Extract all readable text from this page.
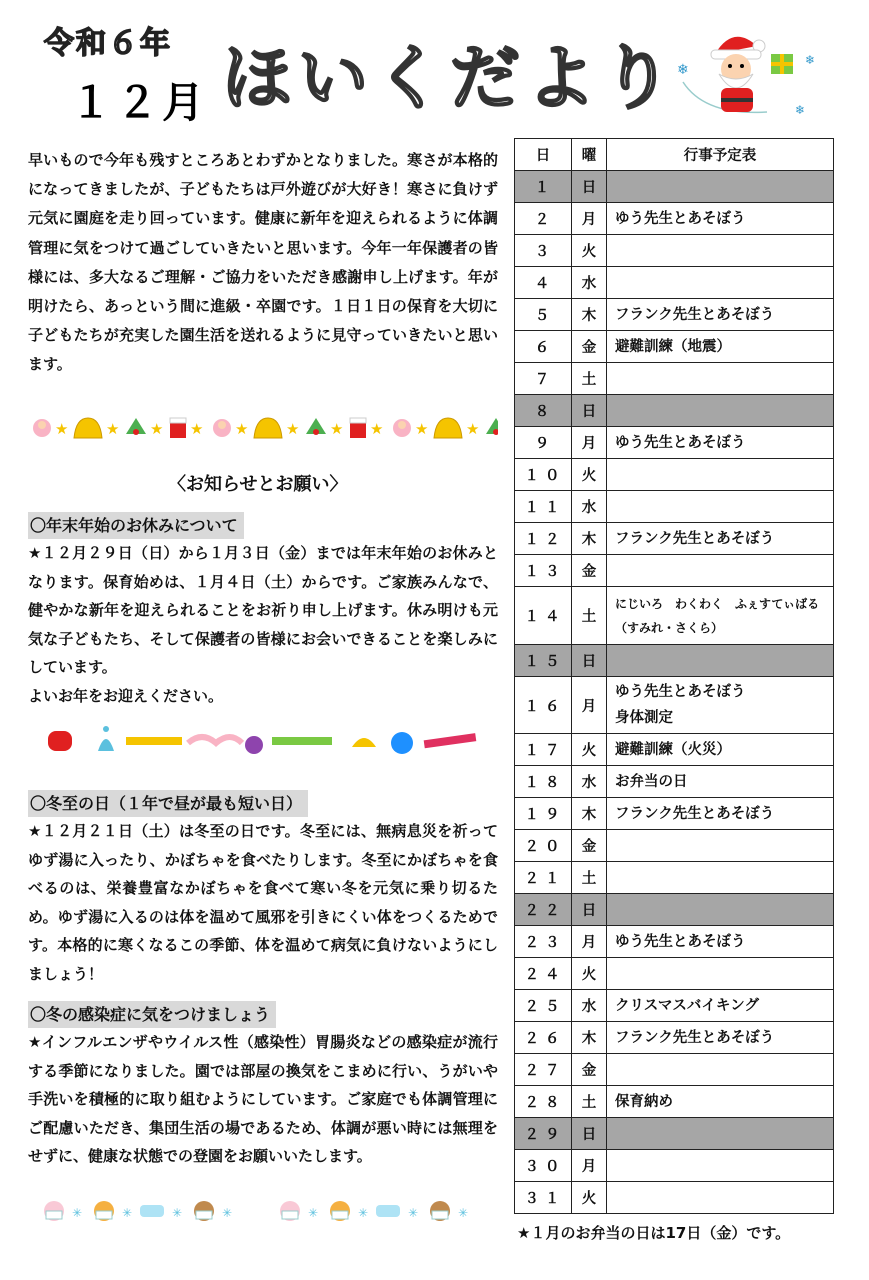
令和６年
１２月 ほいくだより ❄
❄
❄

早いもので今年も残すところあとわずかとなりました。寒さが本格的になってきましたが、子どもたちは戸外遊びが大好き！寒さに負けず元気に園庭を走り回っています。健康に新年を迎えられるように体調管理に気をつけて過ごしていきたいと思います。今年一年保護者の皆様には、多大なるご理解・ご協力をいただき感謝申し上げます。年が明けたら、あっという間に進級・卒園です。１日１日の保育を大切に子どもたちが充実した園生活を送れるように見守っていきたいと思います。

★	★ ★ ★
〈お知らせとお願い〉
〇年末年始のお休みについて

★１２月２９日（日）から１月３日（金）までは年末年始のお休みとなります。保育始めは、１月４日（土）からです。ご家族みんなで、健やかな新年を迎えられることをお祈り申し上げます。休み明けも元気な子どもたち、そして保護者の皆様にお会いできることを楽しみにしています。
よいお年をお迎えください。

〇冬至の日（１年で昼が最も短い日）

★１２月２１日（土）は冬至の日です。冬至には、無病息災を祈ってゆず湯に入ったり、かぼちゃを食べたりします。冬至にかぼちゃを食べるのは、栄養豊富なかぼちゃを食べて寒い冬を元気に乗り切るため。ゆず湯に入るのは体を温めて風邪を引きにくい体をつくるためです。本格的に寒くなるこの季節、体を温めて病気に負けないようにしましょう！

〇冬の感染症に気をつけましょう

★インフルエンザやウイルス性（感染性）胃腸炎などの感染症が流行する季節になりました。園では部屋の換気をこまめに行い、うがいや手洗いを積極的に取り組むようにしています。ご家庭でも体調管理にご配慮いただき、集団生活の場であるため、体調が悪い時には無理をせずに、健康な状態での登園をお願いいたします。

✳	✳	✳	✳
日	曜	行事予定表
１	日	
２	月	ゆう先生とあそぼう
３	火	
４	水	
５	木	フランク先生とあそぼう
６	金	避難訓練（地震）
７	土	
８	日	
９	月	ゆう先生とあそぼう
１０	火	
１１	水	
１２	木	フランク先生とあそぼう
１３	金	
１４	土	にじいろ　わくわく　ふぇすてぃばる
（すみれ・さくら）
１５	日	
１６	月	ゆう先生とあそぼう
身体測定
１７	火	避難訓練（火災）
１８	水	お弁当の日
１９	木	フランク先生とあそぼう
２０	金	
２１	土	
２２	日	
２３	月	ゆう先生とあそぼう
２４	火	
２５	水	クリスマスバイキング
２６	木	フランク先生とあそぼう
２７	金	
２８	土	保育納め
２９	日	
３０	月	
３１	火	
★１月のお弁当の日は17日（金）です。
